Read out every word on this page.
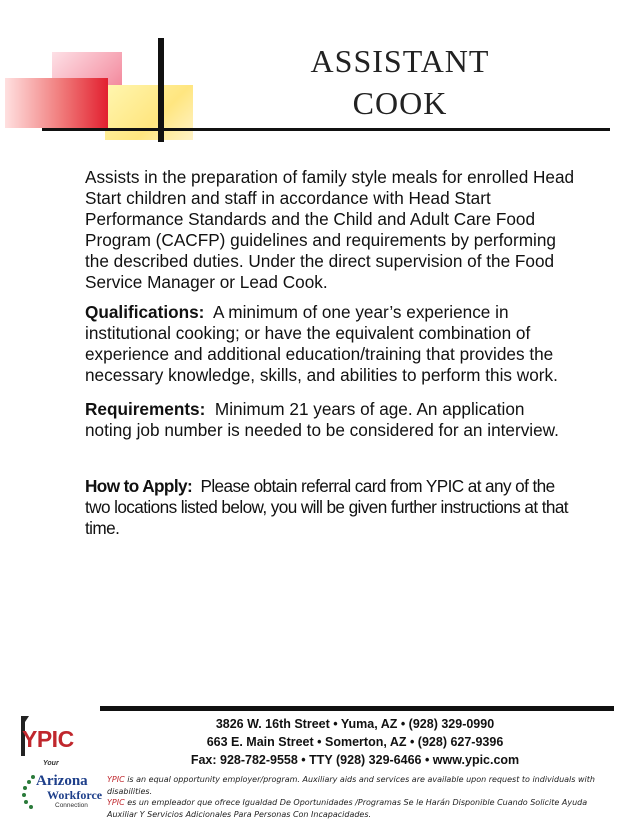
ASSISTANT
COOK

Assists in the preparation of family style meals for enrolled Head Start children and staff in accordance with Head Start Performance Standards and the Child and Adult Care Food Program (CACFP) guidelines and requirements by performing the described duties. Under the direct supervision of the Food Service Manager or Lead Cook.

Qualifications: A minimum of one year’s experience in institutional cooking; or have the equivalent combination of experience and additional education/training that provides the necessary knowledge, skills, and abilities to perform this work.

Requirements: Minimum 21 years of age. An application noting job number is needed to be considered for an interview.

How to Apply: Please obtain referral card from YPIC at any of the two locations listed below, you will be given further instructions at that time.

YPIC
Your
Arizona
Workforce
Connection
3826 W. 16th Street • Yuma, AZ • (928) 329-0990
663 E. Main Street • Somerton, AZ • (928) 627-9396
Fax: 928-782-9558 • TTY (928) 329-6466 • www.ypic.com

YPIC is an equal opportunity employer/program. Auxiliary aids and services are available upon request to individuals with disabilities.
YPIC es un empleador que ofrece Igualdad De Oportunidades /Programas Se le Harán Disponible Cuando Solicite Ayuda Auxiliar Y Servicios Adicionales Para Personas Con Incapacidades.
